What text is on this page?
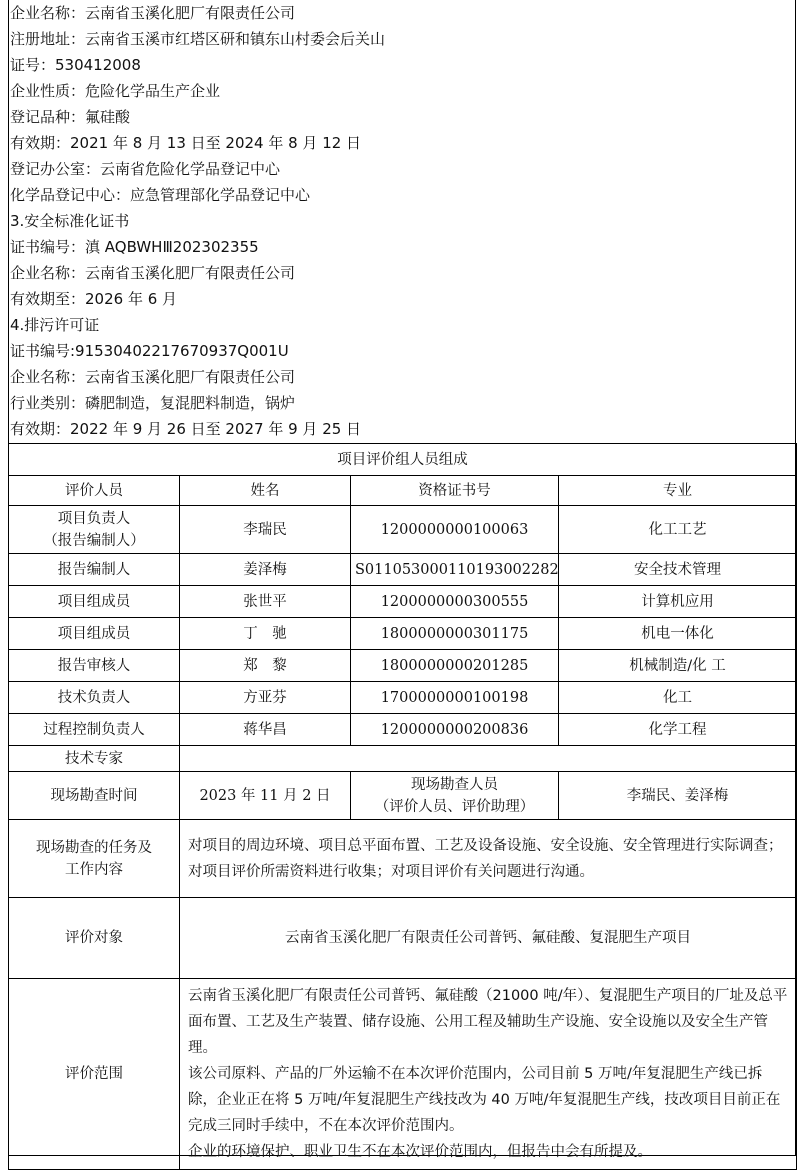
企业名称：云南省玉溪化肥厂有限责任公司
注册地址：云南省玉溪市红塔区研和镇东山村委会后关山
证号：530412008
企业性质：危险化学品生产企业
登记品种：氟硅酸
有效期：2021 年 8 月 13 日至 2024 年 8 月 12 日
登记办公室：云南省危险化学品登记中心
化学品登记中心：应急管理部化学品登记中心
3.安全标准化证书
证书编号：滇 AQBWHⅢ202302355
企业名称：云南省玉溪化肥厂有限责任公司
有效期至：2026 年 6 月
4.排污许可证
证书编号:91530402217670937Q001U
企业名称：云南省玉溪化肥厂有限责任公司
行业类别：磷肥制造，复混肥料制造，锅炉
有效期：2022 年 9 月 26 日至 2027 年 9 月 25 日
项目评价组人员组成			
评价人员	姓名	资格证书号	专业

项目负责人
（报告编制人）	李瑞民	1200000000100063	化工工艺
报告编制人	姜泽梅	S011053000110193002282	安全技术管理
项目组成员	张世平	1200000000300555	计算机应用
项目组成员	丁　驰	1800000000301175	机电一体化
报告审核人	郑　黎	1800000000201285	机械制造/化 工
技术负责人	方亚芬	1700000000100198	化工
过程控制负责人	蒋华昌	1200000000200836	化学工程
技术专家			
现场勘查时间	2023 年 11 月 2 日	现场勘查人员
（评价人员、评价助理）	李瑞民、姜泽梅

现场勘查的任务及
工作内容	对项目的周边环境、项目总平面布置、工艺及设备设施、安全设施、安全管理进行实际调查；对项目评价所需资料进行收集；对项目评价有关问题进行沟通。		
评价对象	云南省玉溪化肥厂有限责任公司普钙、氟硅酸、复混肥生产项目		
评价范围	云南省玉溪化肥厂有限责任公司普钙、氟硅酸（21000 吨/年）、复混肥生产项目的厂址及总平面布置、工艺及生产装置、储存设施、公用工程及辅助生产设施、安全设施以及安全生产管理。
该公司原料、产品的厂外运输不在本次评价范围内，公司目前 5 万吨/年复混肥生产线已拆除，企业正在将 5 万吨/年复混肥生产线技改为 40 万吨/年复混肥生产线，技改项目目前正在完成三同时手续中，不在本次评价范围内。
企业的环境保护、职业卫生不在本次评价范围内，但报告中会有所提及。		
